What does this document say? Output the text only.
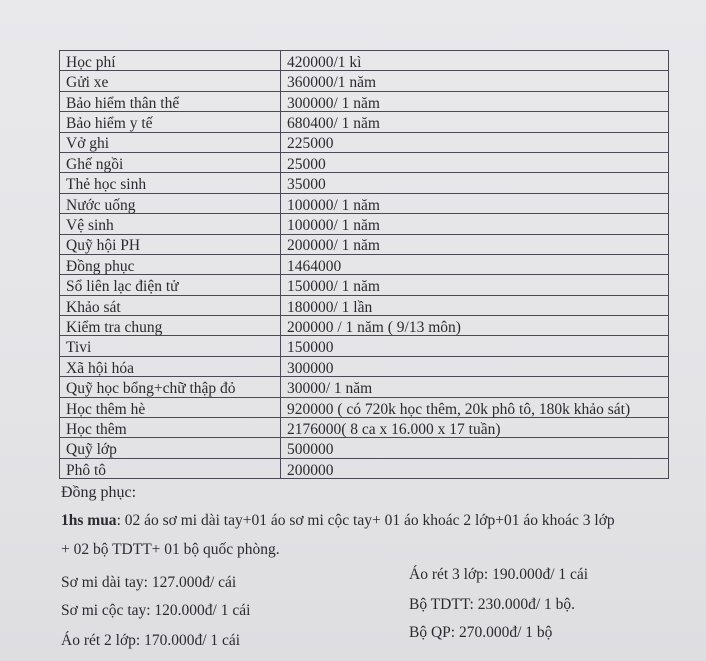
Học phí	420000/1 kì
Gửi xe	360000/1 năm
Bảo hiểm thân thể	300000/ 1 năm
Bảo hiểm y tế	680400/ 1 năm
Vở ghi	225000
Ghế ngồi	25000
Thẻ học sinh	35000
Nước uống	100000/ 1 năm
Vệ sinh	100000/ 1 năm
Quỹ hội PH	200000/ 1 năm
Đồng phục	1464000
Sổ liên lạc điện tử	150000/ 1 năm
Khảo sát	180000/ 1 lần
Kiểm tra chung	200000 / 1 năm ( 9/13 môn)
Tivi	150000
Xã hội hóa	300000
Quỹ học bổng+chữ thập đỏ	30000/ 1 năm
Học thêm hè	920000 ( có 720k học thêm, 20k phô tô, 180k khảo sát)
Học thêm	2176000( 8 ca x 16.000 x 17 tuần)
Quỹ lớp	500000
Phô tô	200000
Đồng phục:
1hs mua: 02 áo sơ mi dài tay+01 áo sơ mi cộc tay+ 01 áo khoác 2 lớp+01 áo khoác 3 lớp
+ 02 bộ TDTT+ 01 bộ quốc phòng.
Sơ mi dài tay: 127.000đ/ cái
Sơ mi cộc tay: 120.000đ/ 1 cái
Áo rét 2 lớp: 170.000đ/ 1 cái
Áo rét 3 lớp: 190.000đ/ 1 cái
Bộ TDTT: 230.000đ/ 1 bộ.
Bộ QP: 270.000đ/ 1 bộ
